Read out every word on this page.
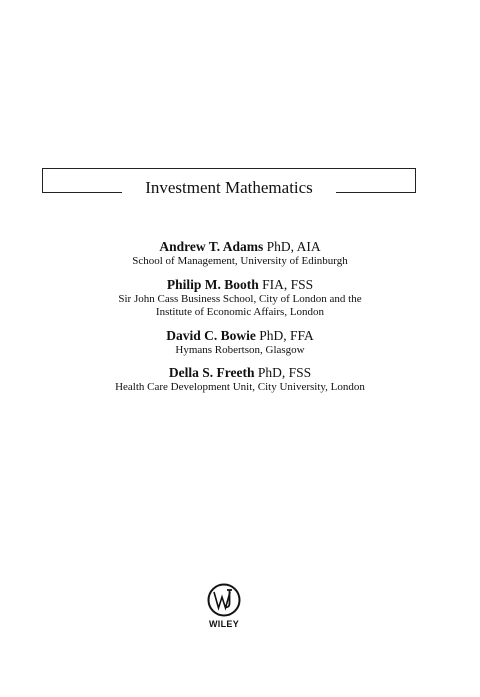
Investment Mathematics
Andrew T. Adams PhD, AIA
School of Management, University of Edinburgh
Philip M. Booth FIA, FSS
Sir John Cass Business School, City of London and the
Institute of Economic Affairs, London
David C. Bowie PhD, FFA
Hymans Robertson, Glasgow
Della S. Freeth PhD, FSS
Health Care Development Unit, City University, London
WILEY
